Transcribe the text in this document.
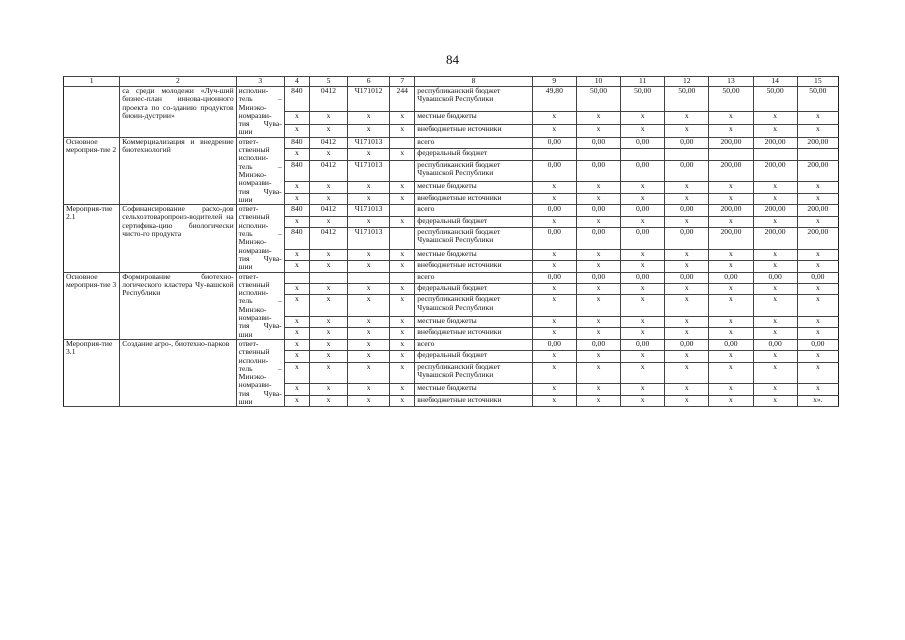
84
1	2	3	4	5	6	7	8	9	10	11	12	13	14	15
	са среди молодежи «Луч-ший бизнес-план иннова-ционного проекта по со-зданию продуктов биоин-дустрии»	исполни-тель – Минэко-номразви-тия Чува-шии	840	0412	Ч171012	244	республиканский бюджет Чувашской Республики	49,80	50,00	50,00	50,00	50,00	50,00	50,00
			x	x	x	x	местные бюджеты	x	x	x	x	x	x	x
			x	x	x	x	внебюджетные источники	x	x	x	x	x	x	x
Основное мероприя-тие 2	Коммерциализация и внедрение биотехнологий	ответ-ственный исполни-тель – Минэко-номразви-тия Чува-шии	840	0412	Ч171013		всего	0,00	0,00	0,00	0,00	200,00	200,00	200,00
			x	x	x	x	федеральный бюджет							
			840	0412	Ч171013		республиканский бюджет Чувашской Республики	0,00	0,00	0,00	0,00	200,00	200,00	200,00
			x	x	x	x	местные бюджеты	x	x	x	x	x	x	x
			x	x	x	x	внебюджетные источники	x	x	x	x	x	x	x
Мероприя-тие 2.1	Софинансирование расхо-дов сельхозтоваропроиз-водителей на сертифика-цию биологически чисто-го продукта	ответ-ственный исполни-тель – Минэко-номразви-тия Чува-шии	840	0412	Ч171013		всего	0,00	0,00	0,00	0,00	200,00	200,00	200,00
			x	x	x	x	федеральный бюджет	x	x	x	x	x	x	x
			840	0412	Ч171013		республиканский бюджет Чувашской Республики	0,00	0,00	0,00	0,00	200,00	200,00	200,00
			x	x	x	x	местные бюджеты	x	x	x	x	x	x	x
			x	x	x	x	внебюджетные источники	x	x	x	x	x	x	x
Основное мероприя-тие 3	Формирование биотехно-логического кластера Чу-вашской Республики	ответ-ственный исполни-тель – Минэко-номразви-тия Чува-шии					всего	0,00	0,00	0,00	0,00	0,00	0,00	0,00
			x	x	x	x	федеральный бюджет	x	x	x	x	x	x	x
			x	x	x	x	республиканский бюджет Чувашской Республики	x	x	x	x	x	x	x
			x	x	x	x	местные бюджеты	x	x	x	x	x	x	x
			x	x	x	x	внебюджетные источники	x	x	x	x	x	x	x
Мероприя-тие 3.1	Создание агро-, биотехно-парков	ответ-ственный исполни-тель – Минэко-номразви-тия Чува-шии	x	x	x	x	всего	0,00	0,00	0,00	0,00	0,00	0,00	0,00
			x	x	x	x	федеральный бюджет	x	x	x	x	x	x	x
			x	x	x	x	республиканский бюджет Чувашской Республики	x	x	x	x	x	x	x
			x	x	x	x	местные бюджеты	x	x	x	x	x	x	x
			x	x	x	x	внебюджетные источники	x	x	x	x	x	x	x».
